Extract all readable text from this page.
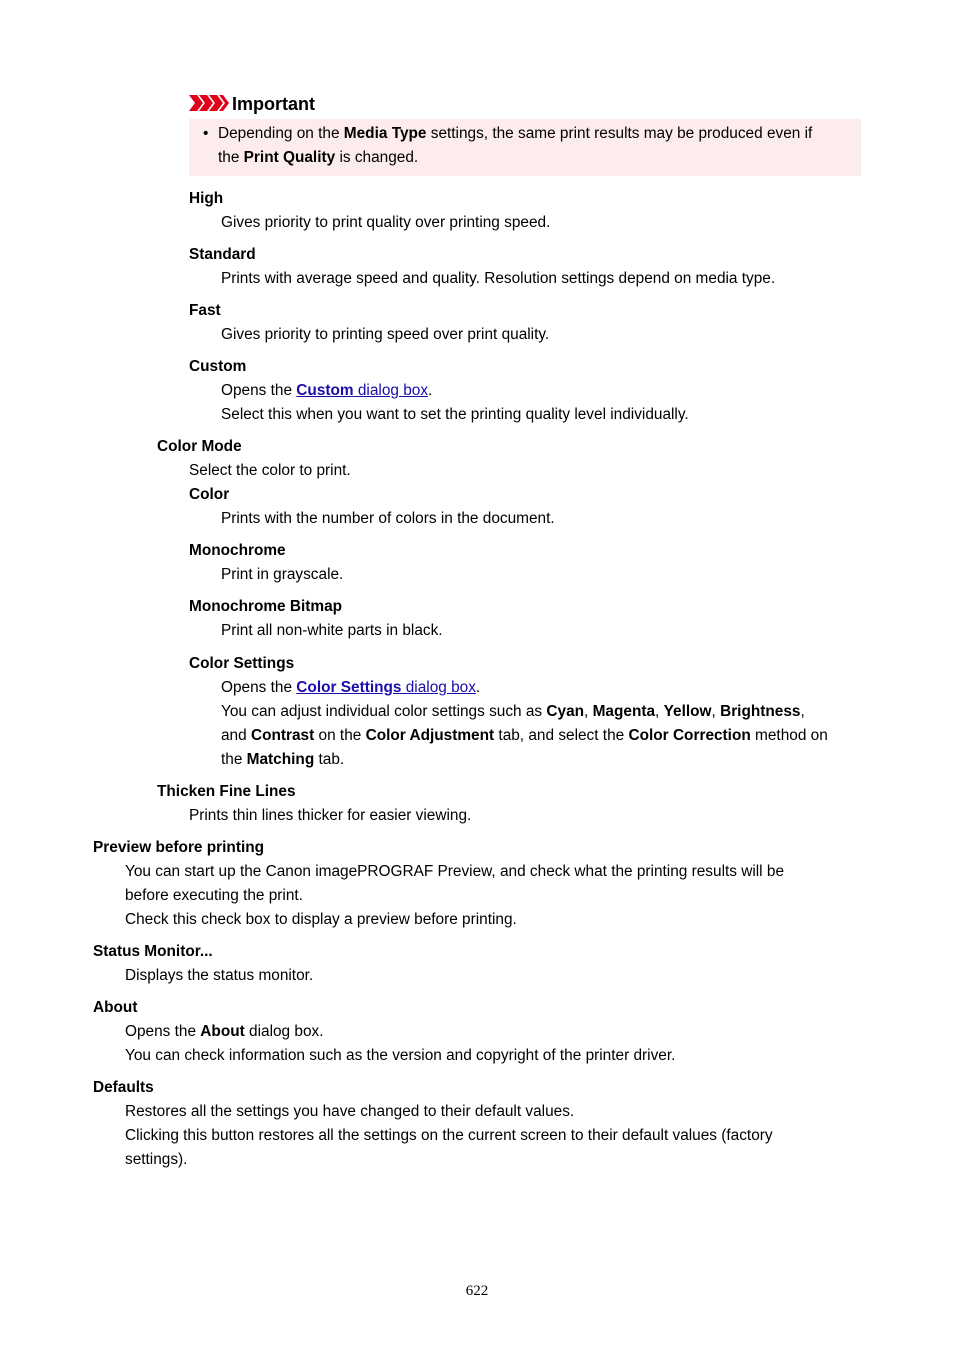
Important
• Depending on the Media Type settings, the same print results may be produced even if
the Print Quality is changed.
High
Gives priority to print quality over printing speed.
Standard
Prints with average speed and quality. Resolution settings depend on media type.
Fast
Gives priority to printing speed over print quality.
Custom
Opens the Custom dialog box.
Select this when you want to set the printing quality level individually.
Color Mode
Select the color to print.
Color
Prints with the number of colors in the document.
Monochrome
Print in grayscale.
Monochrome Bitmap
Print all non-white parts in black.
Color Settings
Opens the Color Settings dialog box.
You can adjust individual color settings such as Cyan, Magenta, Yellow, Brightness,
and Contrast on the Color Adjustment tab, and select the Color Correction method on
the Matching tab.
Thicken Fine Lines
Prints thin lines thicker for easier viewing.
Preview before printing
You can start up the Canon imagePROGRAF Preview, and check what the printing results will be
before executing the print.
Check this check box to display a preview before printing.
Status Monitor...
Displays the status monitor.
About
Opens the About dialog box.
You can check information such as the version and copyright of the printer driver.
Defaults
Restores all the settings you have changed to their default values.
Clicking this button restores all the settings on the current screen to their default values (factory
settings).
622
